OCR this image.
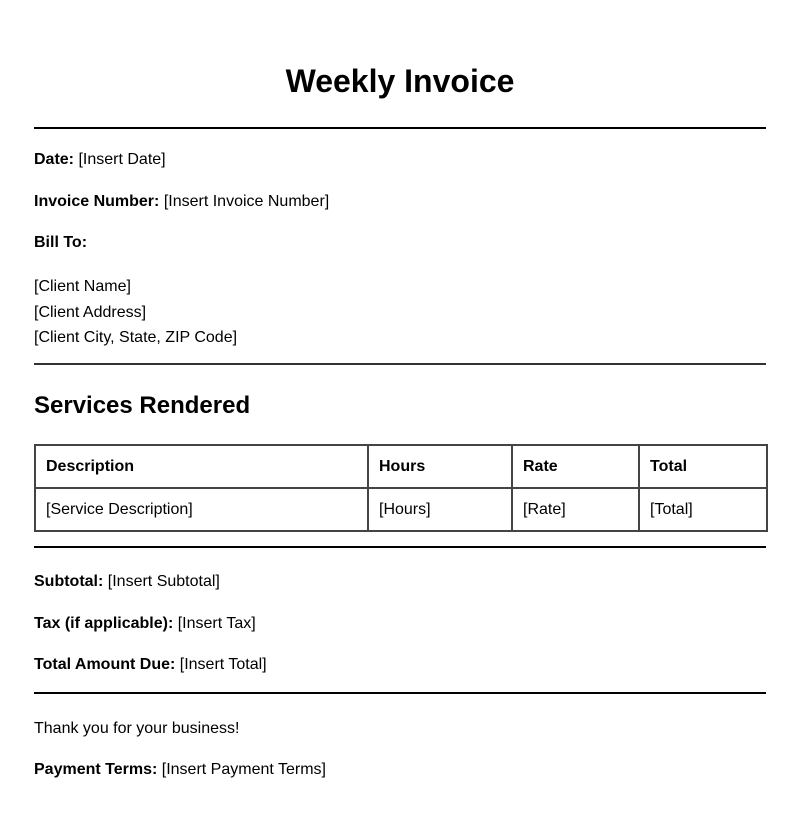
Weekly Invoice
Date: [Insert Date]
Invoice Number: [Insert Invoice Number]
Bill To:
[Client Name]
[Client Address]
[Client City, State, ZIP Code]
Services Rendered
Description	Hours	Rate	Total
[Service Description]	[Hours]	[Rate]	[Total]
Subtotal: [Insert Subtotal]
Tax (if applicable): [Insert Tax]
Total Amount Due: [Insert Total]
Thank you for your business!
Payment Terms: [Insert Payment Terms]
